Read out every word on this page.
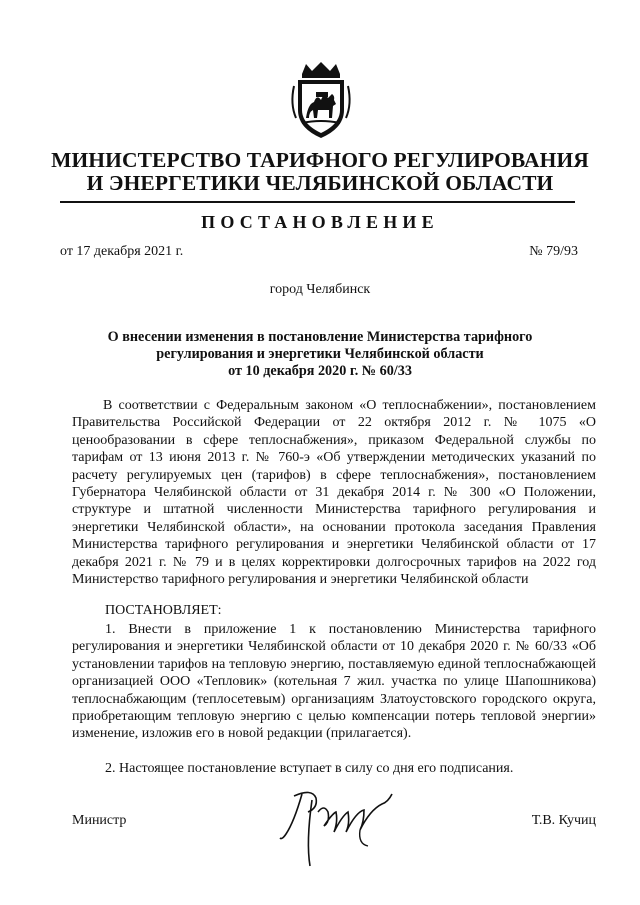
МИНИСТЕРСТВО ТАРИФНОГО РЕГУЛИРОВАНИЯ
И ЭНЕРГЕТИКИ ЧЕЛЯБИНСКОЙ ОБЛАСТИ
ПОСТАНОВЛЕНИЕ
от 17 декабря 2021 г.	№ 79/93
город Челябинск
О внесении изменения в постановление Министерства тарифного
регулирования и энергетики Челябинской области
от 10 декабря 2020 г. № 60/33
В соответствии с Федеральным законом «О теплоснабжении», постановлением Правительства Российской Федерации от 22 октября 2012 г. № 1075 «О ценообразовании в сфере теплоснабжения», приказом Федеральной службы по тарифам от 13 июня 2013 г. № 760-э «Об утверждении методических указаний по расчету регулируемых цен (тарифов) в сфере теплоснабжения», постановлением Губернатора Челябинской области от 31 декабря 2014 г. № 300 «О Положении, структуре и штатной численности Министерства тарифного регулирования и энергетики Челябинской области», на основании протокола заседания Правления Министерства тарифного регулирования и энергетики Челябинской области от 17 декабря 2021 г. № 79 и в целях корректировки долгосрочных тарифов на 2022 год Министерство тарифного регулирования и энергетики Челябинской области
ПОСТАНОВЛЯЕТ:
1. Внести в приложение 1 к постановлению Министерства тарифного регулирования и энергетики Челябинской области от 10 декабря 2020 г. № 60/33 «Об установлении тарифов на тепловую энергию, поставляемую единой теплоснабжающей организацией ООО «Тепловик» (котельная 7 жил. участка по улице Шапошникова) теплоснабжающим (теплосетевым) организациям Златоустовского городского округа, приобретающим тепловую энергию с целью компенсации потерь тепловой энергии» изменение, изложив его в новой редакции (прилагается).
2. Настоящее постановление вступает в силу со дня его подписания.
Министр	Т.В. Кучиц
